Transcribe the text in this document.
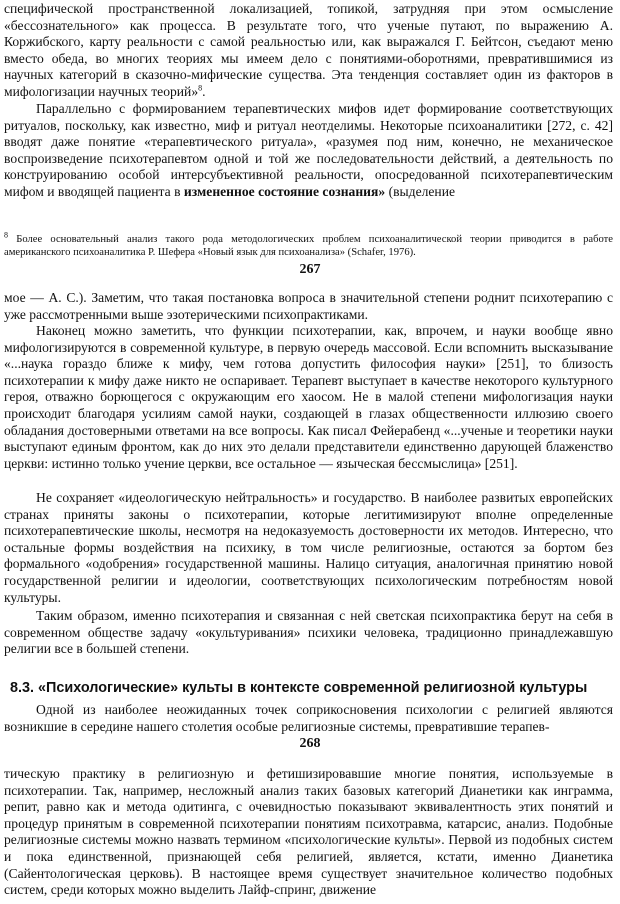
специфической пространственной локализацией, топикой, затрудняя при этом осмысление «бессознательного» как процесса. В результате того, что ученые путают, по выражению А. Коржибского, карту реальности с самой реальностью или, как выражался Г. Бейтсон, съедают меню вместо обеда, во многих теориях мы имеем дело с понятиями-оборотнями, превратившимися из научных категорий в сказочно-мифические существа. Эта тенденция составляет один из факторов в мифологизации научных теорий»$^8$.

Параллельно с формированием терапевтических мифов идет формирование соответствующих ритуалов, поскольку, как известно, миф и ритуал неотделимы. Некоторые психоаналитики [272, с. 42] вводят даже понятие «терапевтического ритуала», «разумея под ним, конечно, не механическое воспроизведение психотерапевтом одной и той же последовательности действий, а деятельность по конструированию особой интерсубъективной реальности, опосредованной психотерапевтическим мифом и вводящей пациента в измененное состояние сознания» (выделение

$^8$ Более основательный анализ такого рода методологических проблем психоаналитической теории приводится в работе американского психоаналитика Р. Шефера «Новый язык для психоанализа» (Schafer, 1976).

267

мое — А. С.). Заметим, что такая постановка вопроса в значительной степени роднит психотерапию с уже рассмотренными выше эзотерическими психопрактиками.

Наконец можно заметить, что функции психотерапии, как, впрочем, и науки вообще явно мифологизируются в современной культуре, в первую очередь массовой. Если вспомнить высказывание «...наука гораздо ближе к мифу, чем готова допустить философия науки» [251], то близость психотерапии к мифу даже никто не оспаривает. Терапевт выступает в качестве некоторого культурного героя, отважно борющегося с окружающим его хаосом. Не в малой степени мифологизация науки происходит благодаря усилиям самой науки, создающей в глазах общественности иллюзию своего обладания достоверными ответами на все вопросы. Как писал Фейерабенд «...ученые и теоретики науки выступают единым фронтом, как до них это делали представители единственно дарующей блаженство церкви: истинно только учение церкви, все остальное — языческая бессмыслица» [251].

Не сохраняет «идеологическую нейтральность» и государство. В наиболее развитых европейских странах приняты законы о психотерапии, которые легитимизируют вполне определенные психотерапевтические школы, несмотря на недоказуемость достоверности их методов. Интересно, что остальные формы воздействия на психику, в том числе религиозные, остаются за бортом без формального «одобрения» государственной машины. Налицо ситуация, аналогичная принятию новой государственной религии и идеологии, соответствующих психологическим потребностям новой культуры.

Таким образом, именно психотерапия и связанная с ней светская психопрактика берут на себя в современном обществе задачу «окультуривания» психики человека, традиционно принадлежавшую религии все в большей степени.

8.3. «Психологические» культы в контексте современной религиозной культуры

Одной из наиболее неожиданных точек соприкосновения психологии с религией являются возникшие в середине нашего столетия особые религиозные системы, превратившие терапев-

268

тическую практику в религиозную и фетишизировавшие многие понятия, используемые в психотерапии. Так, например, несложный анализ таких базовых категорий Дианетики как инграмма, репит, равно как и метода одитинга, с очевидностью показывают эквивалентность этих понятий и процедур принятым в современной психотерапии понятиям психотравма, катарсис, анализ. Подобные религиозные системы можно назвать термином «психологические культы». Первой из подобных систем и пока единственной, признающей себя религией, является, кстати, именно Дианетика (Сайентологическая церковь). В настоящее время существует значительное количество подобных систем, среди которых можно выделить Лайф-спринг, движение
